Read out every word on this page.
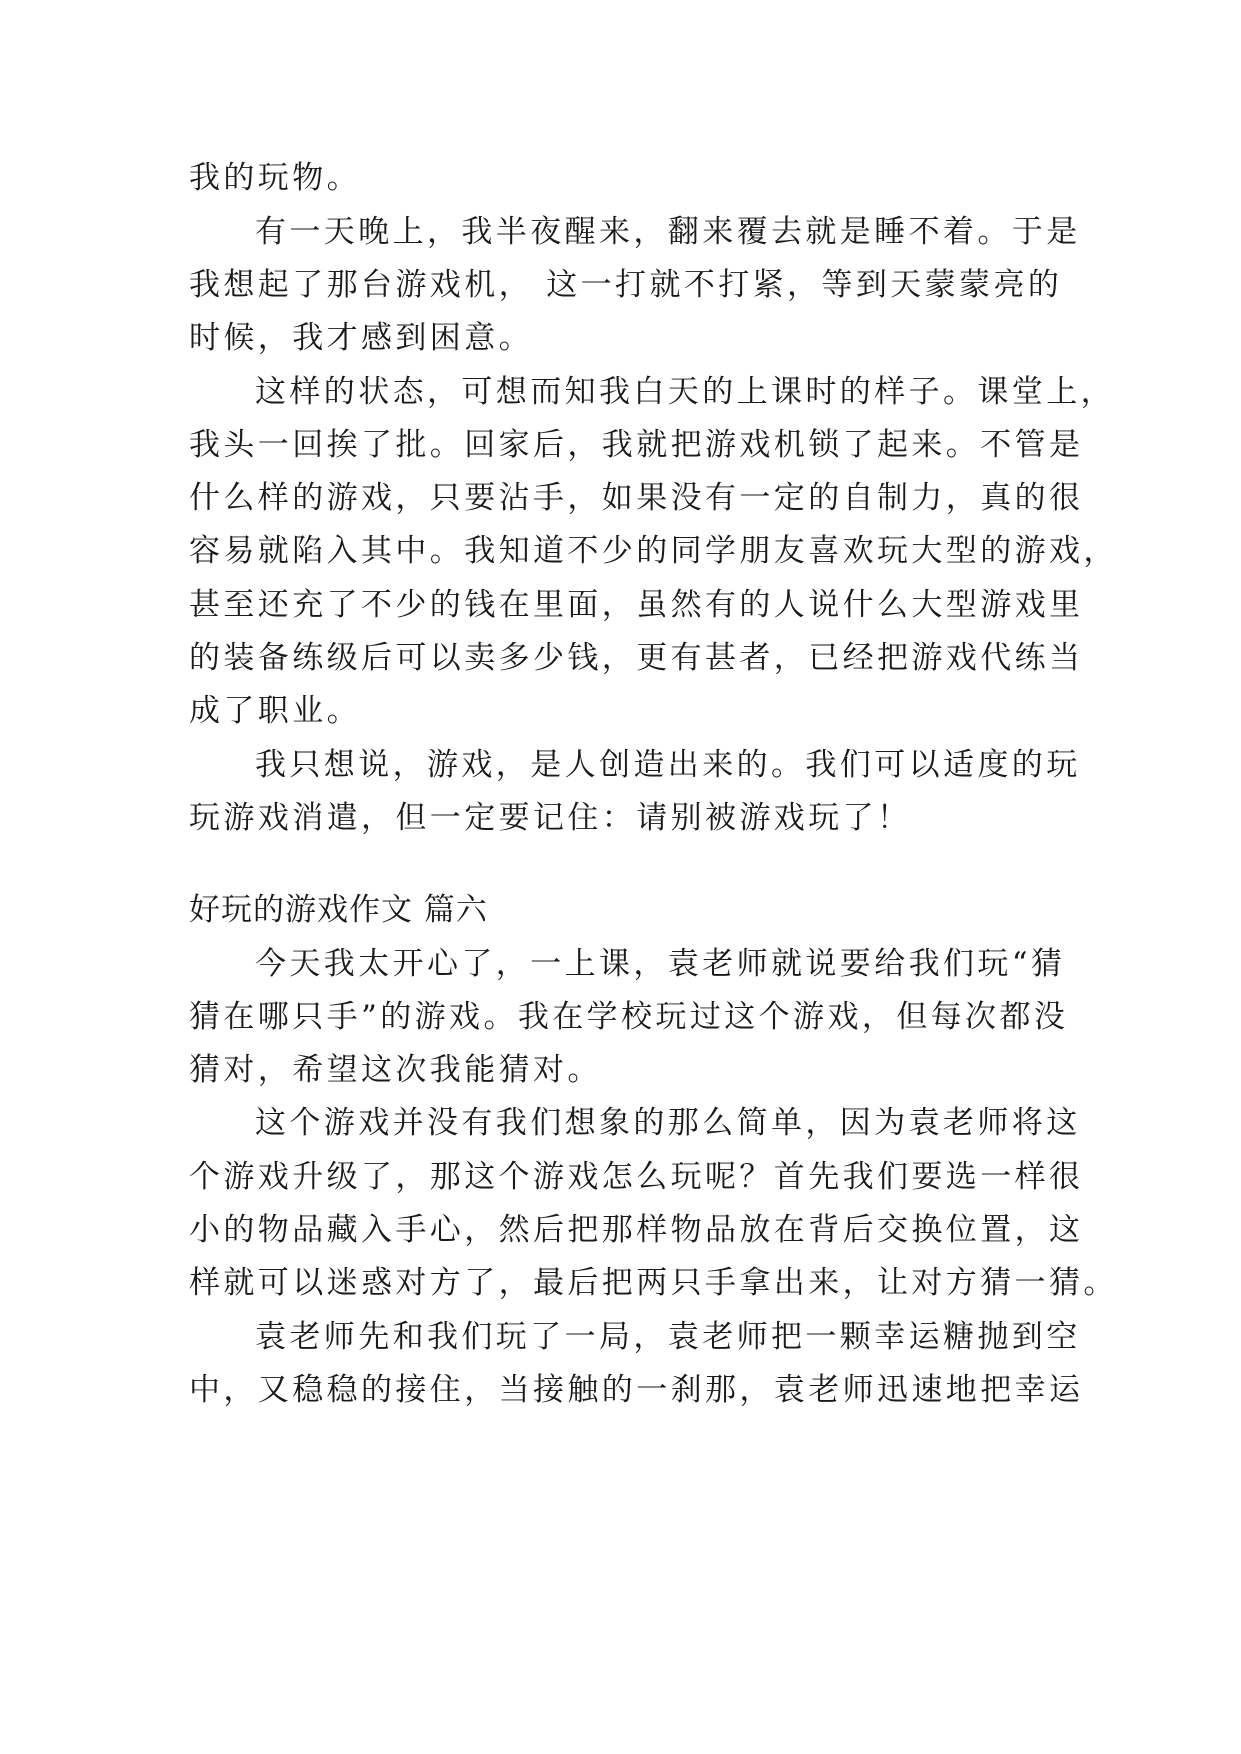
我的玩物。
有一天晚上，我半夜醒来，翻来覆去就是睡不着。于是
我想起了那台游戏机， 这一打就不打紧，等到天蒙蒙亮的
时候，我才感到困意。
这样的状态，可想而知我白天的上课时的样子。课堂上，
我头一回挨了批。回家后，我就把游戏机锁了起来。不管是
什么样的游戏，只要沾手，如果没有一定的自制力，真的很
容易就陷入其中。我知道不少的同学朋友喜欢玩大型的游戏，
甚至还充了不少的钱在里面，虽然有的人说什么大型游戏里
的装备练级后可以卖多少钱，更有甚者，已经把游戏代练当
成了职业。
我只想说，游戏，是人创造出来的。我们可以适度的玩
玩游戏消遣，但一定要记住：请别被游戏玩了！
好玩的游戏作文 篇六
今天我太开心了，一上课，袁老师就说要给我们玩“猜
猜在哪只手”的游戏。我在学校玩过这个游戏，但每次都没
猜对，希望这次我能猜对。
这个游戏并没有我们想象的那么简单，因为袁老师将这
个游戏升级了，那这个游戏怎么玩呢？首先我们要选一样很
小的物品藏入手心，然后把那样物品放在背后交换位置，这
样就可以迷惑对方了，最后把两只手拿出来，让对方猜一猜。
袁老师先和我们玩了一局，袁老师把一颗幸运糖抛到空
中，又稳稳的接住，当接触的一刹那，袁老师迅速地把幸运
